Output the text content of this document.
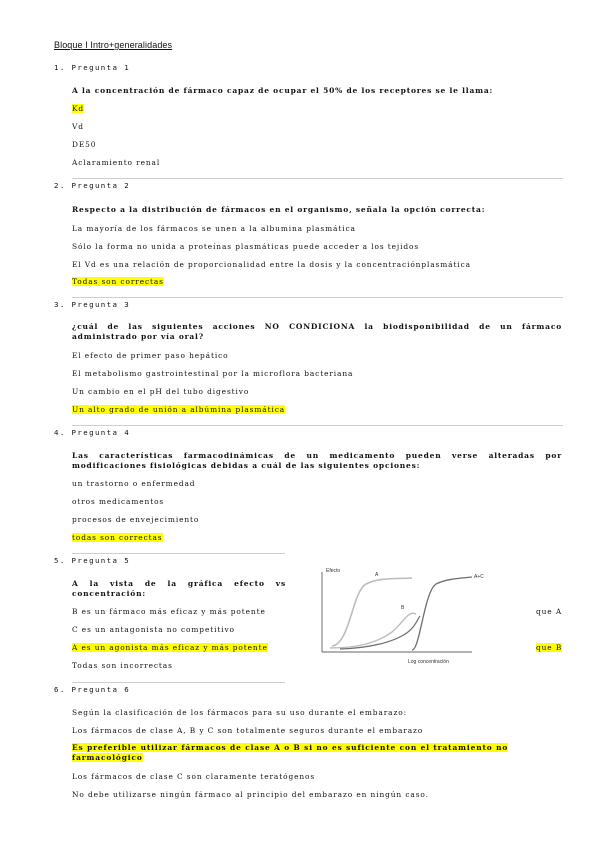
Bloque I Intro+generalidades
1. Pregunta 1
A la concentración de fármaco capaz de ocupar el 50% de los receptores se le llama:
Kd
Vd
DE50
Aclaramiento renal
2. Pregunta 2
Respecto a la distribución de fármacos en el organismo, señala la opción correcta:
La mayoría de los fármacos se unen a la albumina plasmática
Sólo la forma no unida a proteínas plasmáticas puede acceder a los tejidos
El Vd es una relación de proporcionalidad entre la dosis y la concentraciónplasmática
Todas son correctas
3. Pregunta 3
¿cuál de las siguientes acciones NO CONDICIONA la biodisponibilidad de un fármaco administrado por vía oral?
El efecto de primer paso hepático
El metabolismo gastrointestinal por la microflora bacteriana
Un cambio en el pH del tubo digestivo
Un alto grado de unión a albúmina plasmática
4. Pregunta 4
Las características farmacodinámicas de un medicamento pueden verse alteradas por modificaciones fisiológicas debidas a cuál de las siguientes opciones:
un trastorno o enfermedad
otros medicamentos
procesos de envejecimiento
todas son correctas
5. Pregunta 5
A la vista de la gráfica efecto vs concentración:
B es un fármaco más eficaz y más potente	que A
C es un antagonista no competitivo
A es un agonista más eficaz y más potente	que B
Todas son incorrectas
Efecto
A	A+C
B
Log concentración
6. Pregunta 6
Según la clasificación de los fármacos para su uso durante el embarazo:
Los fármacos de clase A, B y C son totalmente seguros durante el embarazo
Es preferible utilizar fármacos de clase A o B si no es suficiente con el tratamiento no farmacológico
Los fármacos de clase C son claramente teratógenos
No debe utilizarse ningún fármaco al principio del embarazo en ningún caso.
